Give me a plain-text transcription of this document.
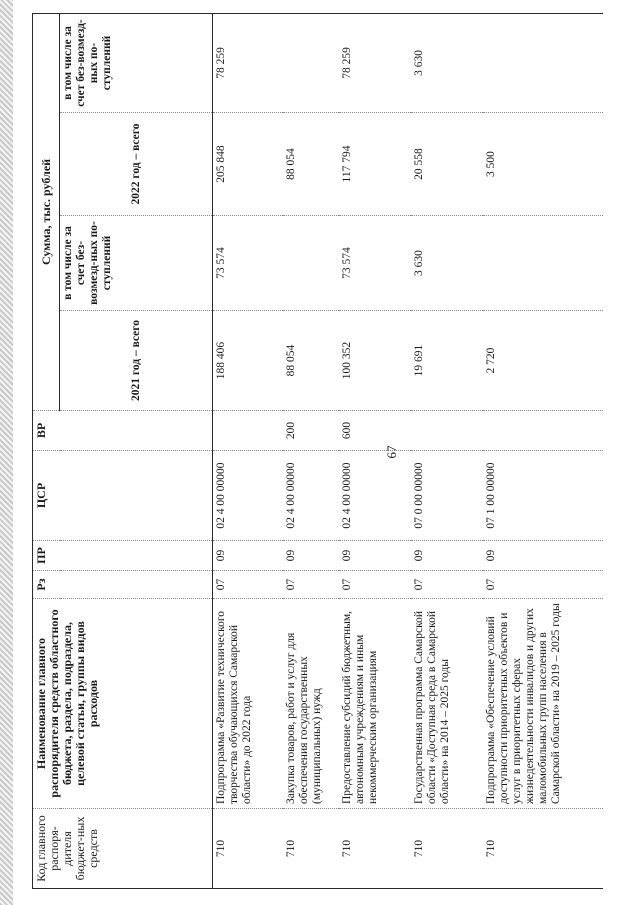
67
Код главного распоря-дителя бюджет-ных средств	Наименование главного распорядителя средств областного бюджета, раздела, подраздела, целевой статьи, группы видов расходов	Рз	ПР	ЦСР	ВР	Сумма, тыс. рублей			
						2021 год – всего	в том числе за счет без-возмезд-ных по-ступлений	2022 год – всего	в том числе за счет без-возмезд-ных по-ступлений
710	Подпрограмма «Развитие технического творчества обучающихся Самарской области» до 2022 года	07	09	02 4 00 00000		188 406	73 574	205 848	78 259
710	Закупка товаров, работ и услуг для обеспечения государственных (муниципальных) нужд	07	09	02 4 00 00000	200	88 054		88 054	
710	Предоставление субсидий бюджетным, автономным учреждениям и иным некоммерческим организациям	07	09	02 4 00 00000	600	100 352	73 574	117 794	78 259
710	Государственная программа Самарской области «Доступная среда в Самарской области» на 2014 – 2025 годы	07	09	07 0 00 00000		19 691	3 630	20 558	3 630
710	Подпрограмма «Обеспечение условий доступности приоритетных объектов и услуг в приоритетных сферах жизнедеятельности инвалидов и других маломобильных групп населения в Самарской области» на 2019 – 2025 годы	07	09	07 1 00 00000		2 720		3 500	
